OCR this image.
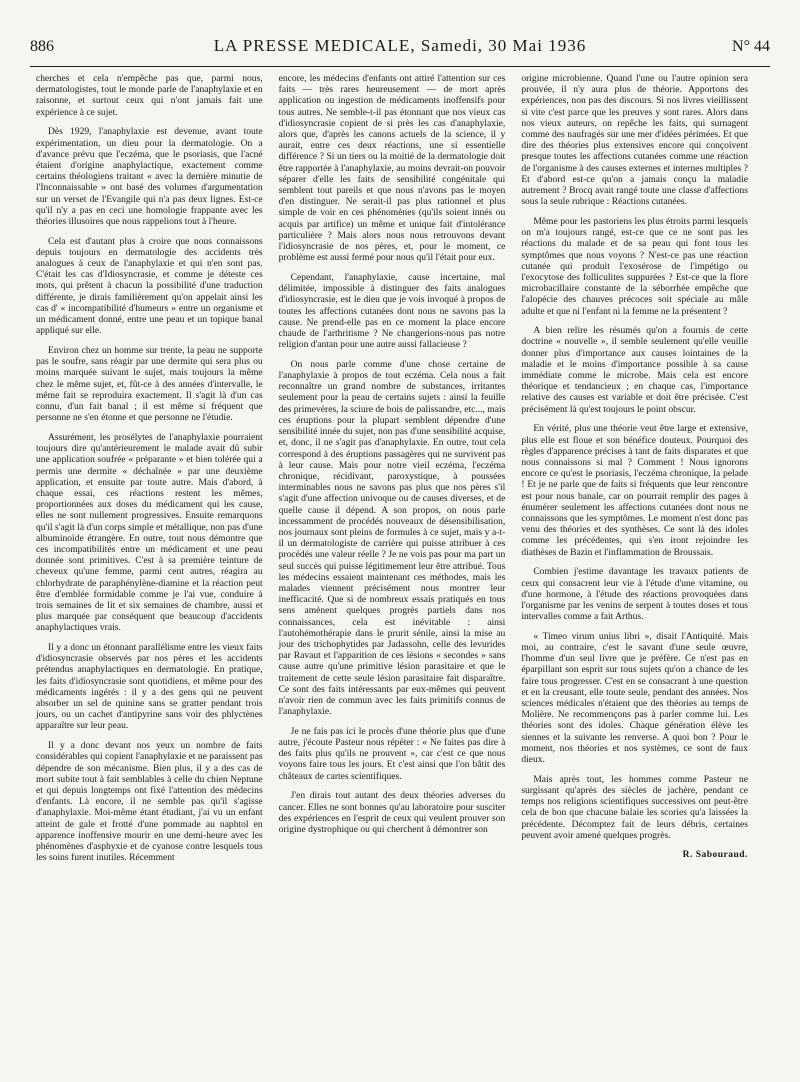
886	LA PRESSE MEDICALE, Samedi, 30 Mai 1936	N° 44

cherches et cela n'empêche pas que, parmi nous, dermatologistes, tout le monde parle de l'anaphylaxie et en raisonne, et surtout ceux qui n'ont jamais fait une expérience à ce sujet.

Dès 1929, l'anaphylaxie est devenue, avant toute expérimentation, un dieu pour la dermatologie. On a d'avance prévu que l'eczéma, que le psoriasis, que l'acné étaient d'origine anaphylactique, exactement comme certains théologiens traitant « avec la dernière minutie de l'Inconnaissable » ont basé des volumes d'argumentation sur un verset de l'Evangile qui n'a pas deux lignes. Est-ce qu'il n'y a pas en ceci une homologie frappante avec les théories illusoires que nous rappelions tout à l'heure.

Cela est d'autant plus à croire que nous connaissons depuis toujours en dermatologie des accidents très analogues à ceux de l'anaphylaxie et qui n'en sont pas. C'était les cas d'Idiosyncrasie, et comme je déteste ces mots, qui prêtent à chacun la possibilité d'une traduction différente, je dirais familièrement qu'on appelait ainsi les cas d' « incompatibilité d'humeurs » entre un organisme et un médicament donné, entre une peau et un topique banal appliqué sur elle.

Environ chez un homme sur trente, la peau ne supporte pas le soufre, sans réagir par une dermite qui sera plus ou moins marquée suivant le sujet, mais toujours la même chez le même sujet, et, fût-ce à des années d'intervalle, le même fait se reproduira exactement. Il s'agit là d'un cas connu, d'un fait banal ; il est même si fréquent que personne ne s'en étonne et que personne ne l'étudie.

Assurément, les prosélytes de l'anaphylaxie pourraient toujours dire qu'antérieurement le malade avait dû subir une application soufrée « préparante » et bien tolérée qui a permis une dermite « déchaînée » par une deuxième application, et ensuite par toute autre. Mais d'abord, à chaque essai, ces réactions restent les mêmes, proportionnées aux doses du médicament qui les cause, elles ne sont nullement progressives. Ensuite remarquons qu'il s'agit là d'un corps simple et métallique, non pas d'une albuminoïde étrangère. En outre, tout nous démontre que ces incompatibilités entre un médicament et une peau donnée sont primitives. C'est à sa première teinture de cheveux qu'une femme, parmi cent autres, réagira au chlorhydrate de paraphénylène-diamine et la réaction peut être d'emblée formidable comme je l'ai vue, conduire à trois semaines de lit et six semaines de chambre, aussi et plus marquée par conséquent que beaucoup d'accidents anaphylactiques vrais.

Il y a donc un étonnant parallélisme entre les vieux faits d'idiosyncrasie observés par nos pères et les accidents prétendus anaphylactiques en dermatologie. En pratique, les faits d'idiosyncrasie sont quotidiens, et même pour des médicaments ingérés : il y a des gens qui ne peuvent absorber un sel de quinine sans se gratter pendant trois jours, ou un cachet d'antipyrine sans voir des phlyctènes apparaître sur leur peau.

Il y a donc devant nos yeux un nombre de faits considérables qui copient l'anaphylaxie et ne paraissent pas dépendre de son mécanisme. Bien plus, il y a des cas de mort subite tout à fait semblables à celle du chien Neptune et qui depuis longtemps ont fixé l'attention des médecins d'enfants. Là encore, il ne semble pas qu'il s'agisse d'anaphylaxie. Moi-même étant étudiant, j'ai vu un enfant atteint de gale et frotté d'une pommade au naphtol en apparence inoffensive mourir en une demi-heure avec les phénomènes d'asphyxie et de cyanose contre lesquels tous les soins furent inutiles. Récemment

encore, les médecins d'enfants ont attiré l'attention sur ces faits — très rares heureusement — de mort après application ou ingestion de médicaments inoffensifs pour tous autres. Ne semble-t-il pas étonnant que nos vieux cas d'idiosyncrasie copient de si près les cas d'anaphylaxie, alors que, d'après les canons actuels de la science, il y aurait, entre ces deux réactions, une si essentielle différence ? Si un tiers ou la moitié de la dermatologie doit être rapportée à l'anaphylaxie, au moins devrait-on pouvoir séparer d'elle les faits de sensibilité congénitale qui semblent tout pareils et que nous n'avons pas le moyen d'en distinguer. Ne serait-il pas plus rationnel et plus simple de voir en ces phénomènes (qu'ils soient innés ou acquis par artifice) un même et unique fait d'intolérance particulière ? Mais alors nous nous retrouvons devant l'idiosyncrasie de nos pères, et, pour le moment, ce problème est aussi fermé pour nous qu'il l'était pour eux.

Cependant, l'anaphylaxie, cause incertaine, mal délimitée, impossible à distinguer des faits analogues d'idiosyncrasie, est le dieu que je vois invoqué à propos de toutes les affections cutanées dont nous ne savons pas la cause. Ne prend-elle pas en ce moment la place encore chaude de l'arthritisme ? Ne changerions-nous pas notre religion d'antan pour une autre aussi fallacieuse ?

On nous parle comme d'une chose certaine de l'anaphylaxie à propos de tout eczéma. Cela nous a fait reconnaître un grand nombre de substances, irritantes seulement pour la peau de certains sujets : ainsi la feuille des primevères, la sciure de bois de palissandre, etc..., mais ces éruptions pour la plupart semblent dépendre d'une sensibilité innée du sujet, non pas d'une sensibilité acquise, et, donc, il ne s'agit pas d'anaphylaxie. En outre, tout cela correspond à des éruptions passagères qui ne survivent pas à leur cause. Mais pour notre vieil eczéma, l'eczéma chronique, récidivant, paroxystique, à poussées interminables nous ne savons pas plus que nos pères s'il s'agit d'une affection univoque ou de causes diverses, et de quelle cause il dépend. A son propos, on nous parle incessamment de procédés nouveaux de désensibilisation, nos journaux sont pleins de formules à ce sujet, mais y a-t-il un dermatologiste de carrière qui puisse attribuer à ces procédés une valeur réelle ? Je ne vois pas pour ma part un seul succès qui puisse légitimement leur être attribué. Tous les médecins essaient maintenant ces méthodes, mais les malades viennent précisément nous montrer leur inefficacité. Que si de nombreux essais pratiqués en tous sens amènent quelques progrès partiels dans nos connaissances, cela est inévitable : ainsi l'autohémothérapie dans le prurit sénile, ainsi la mise au jour des trichophytides par Jadassohn, celle des levurides par Ravaut et l'apparition de ces lésions « secondes » sans cause autre qu'une primitive lésion parasitaire et que le traitement de cette seule lésion parasitaire fait disparaître. Ce sont des faits intéressants par eux-mêmes qui peuvent n'avoir rien de commun avec les faits primitifs connus de l'anaphylaxie.

Je ne fais pas ici le procès d'une théorie plus que d'une autre, j'écoute Pasteur nous répéter : « Ne faites pas dire à des faits plus qu'ils ne prouvent », car c'est ce que nous voyons faire tous les jours. Et c'est ainsi que l'on bâtit des châteaux de cartes scientifiques.

J'en dirais tout autant des deux théories adverses du cancer. Elles ne sont bonnes qu'au laboratoire pour susciter des expériences en l'esprit de ceux qui veulent prouver son origine dystrophique ou qui cherchent à démontrer son

origine microbienne. Quand l'une ou l'autre opinion sera prouvée, il n'y aura plus de théorie. Apportons des expériences, non pas des discours. Si nos livres vieillissent si vite c'est parce que les preuves y sont rares. Alors dans nos vieux auteurs, on repêche les faits, qui surnagent comme des naufragés sur une mer d'idées périmées. Et que dire des théories plus extensives encore qui conçoivent presque toutes les affections cutanées comme une réaction de l'organisme à des causes externes et internes multiples ? Et d'abord est-ce qu'on a jamais conçu la maladie autrement ? Brocq avait rangé toute une classe d'affections sous la seule rubrique : Réactions cutanées.

Même pour les pastoriens les plus étroits parmi lesquels on m'a toujours rangé, est-ce que ce ne sont pas les réactions du malade et de sa peau qui font tous les symptômes que nous voyons ? N'est-ce pas une réaction cutanée qui produit l'exosérose de l'impétigo ou l'exocytose des folliculites suppurées ? Est-ce que la flore microbacillaire constante de la séborrhée empêche que l'alopécie des chauves précoces soit spéciale au mâle adulte et que ni l'enfant ni la femme ne la présentent ?

A bien relire les résumés qu'on a fournis de cette doctrine « nouvelle », il semble seulement qu'elle veuille donner plus d'importance aux causes lointaines de la maladie et le moins d'importance possible à sa cause immédiate comme le microbe. Mais cela est encore théorique et tendancieux ; en chaque cas, l'importance relative des causes est variable et doit être précisée. C'est précisément là qu'est toujours le point obscur.

En vérité, plus une théorie veut être large et extensive, plus elle est floue et son bénéfice douteux. Pourquoi des règles d'apparence précises à tant de faits disparates et que nous connaissons si mal ? Comment ! Nous ignorons encore ce qu'est le psoriasis, l'eczéma chronique, la pelade ! Et je ne parle que de faits si fréquents que leur rencontre est pour nous banale, car on pourrait remplir des pages à énumérer seulement les affections cutanées dont nous ne connaissons que les symptômes. Le moment n'est donc pas venu des théories et des synthèses. Ce sont là des idoles comme les précédentes, qui s'en iront rejoindre les diathèses de Bazin et l'inflammation de Broussais.

Combien j'estime davantage les travaux patients de ceux qui consacrent leur vie à l'étude d'une vitamine, ou d'une hormone, à l'étude des réactions provoquées dans l'organisme par les venins de serpent à toutes doses et tous intervalles comme a fait Arthus.

« Timeo virum unius libri », disait l'Antiquité. Mais moi, au contraire, c'est le savant d'une seule œuvre, l'homme d'un seul livre que je préfère. Ce n'est pas en éparpillant son esprit sur tous sujets qu'on a chance de les faire tous progresser. C'est en se consacrant à une question et en la creusant, elle toute seule, pendant des années. Nos sciences médicales n'étaient que des théories au temps de Molière. Ne recommençons pas à parler comme lui. Les théories sont des idoles. Chaque génération élève les siennes et la suivante les renverse. A quoi bon ? Pour le moment, nos théories et nos systèmes, ce sont de faux dieux.

Mais après tout, les hommes comme Pasteur ne surgissant qu'après des siècles de jachère, pendant ce temps nos religions scientifiques successives ont peut-être cela de bon que chacune balaie les scories qu'a laissées la précédente. Décomptez fait de leurs débris, certaines peuvent avoir amené quelques progrès.

R. Sabouraud.
